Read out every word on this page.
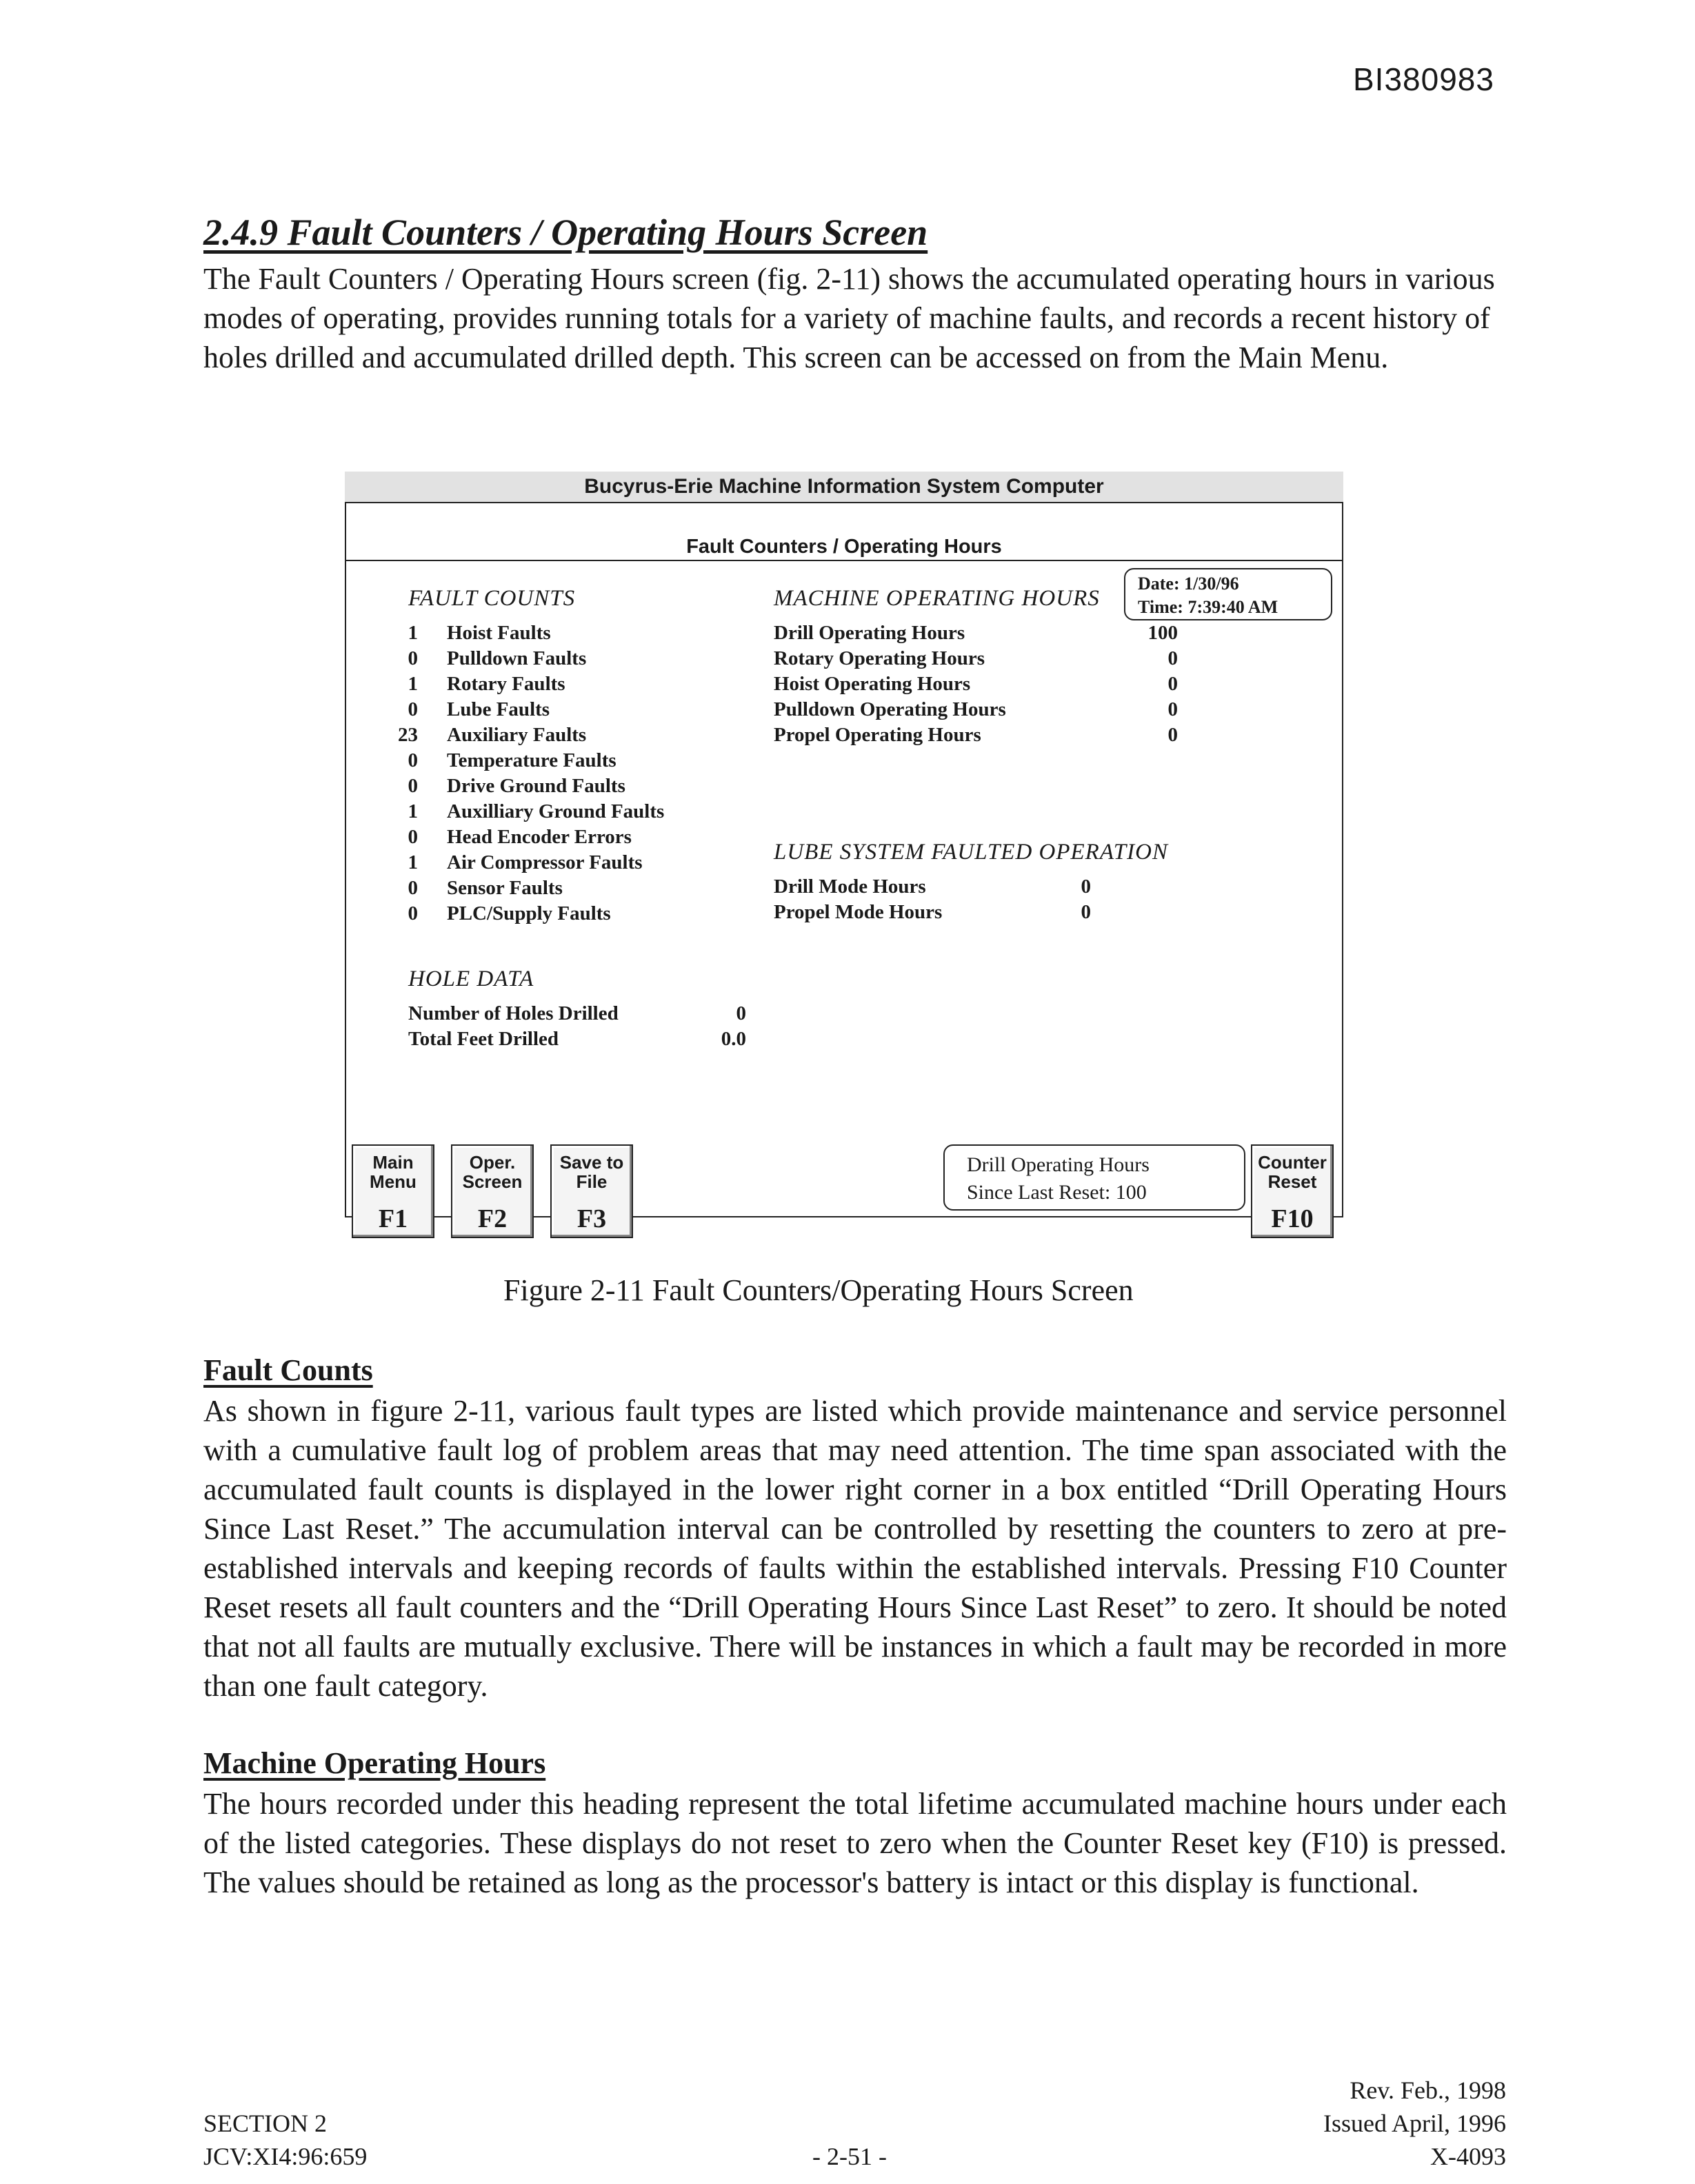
BI380983
2.4.9 Fault Counters / Operating Hours Screen
The Fault Counters / Operating Hours screen (fig. 2-11) shows the accumulated operating hours in various modes of operating, provides running totals for a variety of machine faults, and records a recent history of holes drilled and accumulated drilled depth. This screen can be accessed on from the Main Menu.
Bucyrus-Erie Machine Information System Computer
Fault Counters / Operating Hours
Date: 1/30/96
Time: 7:39:40 AM
FAULT COUNTS
1 Hoist Faults
0 Pulldown Faults
1 Rotary Faults
0 Lube Faults
23 Auxiliary Faults
0 Temperature Faults
0 Drive Ground Faults
1 Auxilliary Ground Faults
0 Head Encoder Errors
1 Air Compressor Faults
0 Sensor Faults
0 PLC/Supply Faults
MACHINE OPERATING HOURS
100
Drill Operating Hours
0
Rotary Operating Hours
0
Hoist Operating Hours
0
Pulldown Operating Hours
0
Propel Operating Hours
LUBE SYSTEM FAULTED OPERATION
0
Drill Mode Hours
0
Propel Mode Hours
HOLE DATA
0
Number of Holes Drilled
0.0
Total Feet Drilled
Main
Menu
F1
Oper.
Screen
F2
Save to
File
F3
Drill Operating Hours
Since Last Reset: 100
Counter
Reset
F10
Figure 2-11 Fault Counters/Operating Hours Screen
Fault Counts
As shown in figure 2-11, various fault types are listed which provide maintenance and service personnel with a cumulative fault log of problem areas that may need attention. The time span associated with the accumulated fault counts is displayed in the lower right corner in a box entitled “Drill Operating Hours Since Last Reset.” The accumulation interval can be controlled by resetting the counters to zero at pre-established intervals and keeping records of faults within the established intervals. Pressing F10 Counter Reset resets all fault counters and the “Drill Operating Hours Since Last Reset” to zero. It should be noted that not all faults are mutually exclusive. There will be instances in which a fault may be recorded in more than one fault category.
Machine Operating Hours
The hours recorded under this heading represent the total lifetime accumulated machine hours under each of the listed categories. These displays do not reset to zero when the Counter Reset key (F10) is pressed. The values should be retained as long as the processor's battery is intact or this display is functional.
SECTION 2
JCV:XI4:96:659	- 2-51 -
Rev. Feb., 1998
Issued April, 1996
X-4093
